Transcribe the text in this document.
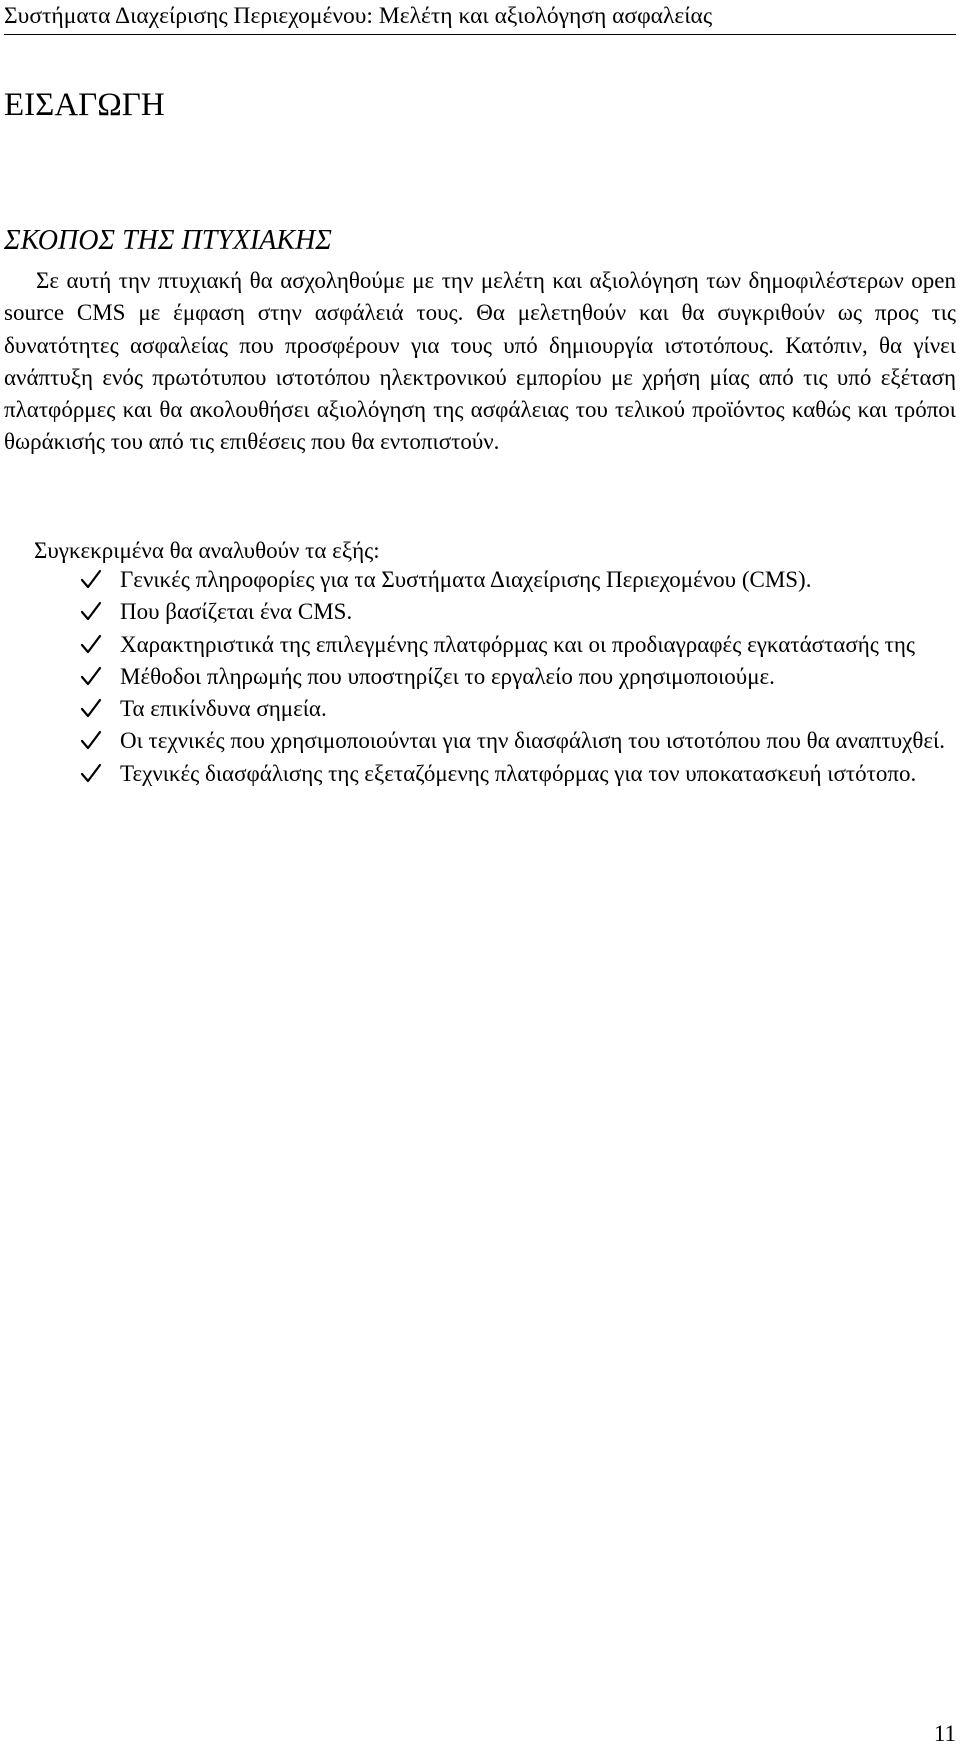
Συστήματα Διαχείρισης Περιεχομένου: Μελέτη και αξιολόγηση ασφαλείας
ΕΙΣΑΓΩΓΗ
ΣΚΟΠΟΣ ΤΗΣ ΠΤΥΧΙΑΚΗΣ

Σε αυτή την πτυχιακή θα ασχοληθούμε με την μελέτη και αξιολόγηση των δημοφιλέστερων open source CMS με έμφαση στην ασφάλειά τους. Θα μελετηθούν και θα συγκριθούν ως προς τις δυνατότητες ασφαλείας που προσφέρουν για τους υπό δημιουργία ιστοτόπους. Κατόπιν, θα γίνει ανάπτυξη ενός πρωτότυπου ιστοτόπου ηλεκτρονικού εμπορίου με χρήση μίας από τις υπό εξέταση πλατφόρμες και θα ακολουθήσει αξιολόγηση της ασφάλειας του τελικού προϊόντος καθώς και τρόποι θωράκισής του από τις επιθέσεις που θα εντοπιστούν.

Συγκεκριμένα θα αναλυθούν τα εξής:
Γενικές πληροφορίες για τα Συστήματα Διαχείρισης Περιεχομένου (CMS).
Που βασίζεται ένα CMS.
Χαρακτηριστικά της επιλεγμένης πλατφόρμας και οι προδιαγραφές εγκατάστασής της
Μέθοδοι πληρωμής που υποστηρίζει το εργαλείο που χρησιμοποιούμε.
Τα επικίνδυνα σημεία.
Οι τεχνικές που χρησιμοποιούνται για την διασφάλιση του ιστοτόπου που θα αναπτυχθεί.
Τεχνικές διασφάλισης της εξεταζόμενης πλατφόρμας για τον υποκατασκευή ιστότοπο.
11
